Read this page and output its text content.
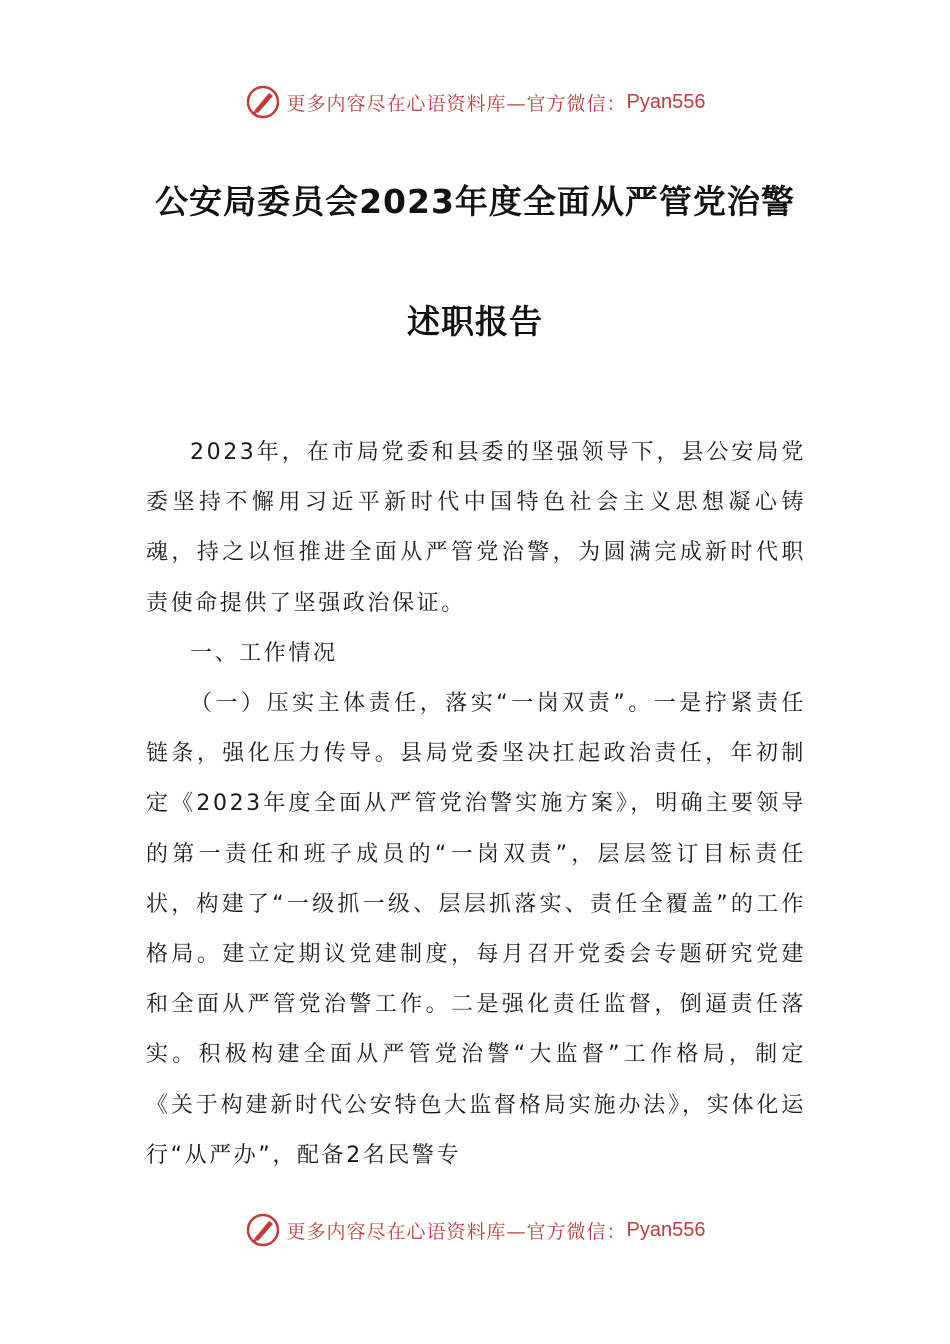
更多内容尽在心语资料库—官方微信： Pyan556
公安局委员会2023年度全面从严管党治警
述职报告

2023年，在市局党委和县委的坚强领导下，县公安局党委坚持不懈用习近平新时代中国特色社会主义思想凝心铸魂，持之以恒推进全面从严管党治警，为圆满完成新时代职责使命提供了坚强政治保证。

一、工作情况

（一）压实主体责任，落实“一岗双责”。一是拧紧责任链条，强化压力传导。县局党委坚决扛起政治责任，年初制定《2023年度全面从严管党治警实施方案》，明确主要领导的第一责任和班子成员的“一岗双责”，层层签订目标责任状，构建了“一级抓一级、层层抓落实、责任全覆盖”的工作格局。建立定期议党建制度，每月召开党委会专题研究党建和全面从严管党治警工作。二是强化责任监督，倒逼责任落实。积极构建全面从严管党治警“大监督”工作格局，制定《关于构建新时代公安特色大监督格局实施办法》，实体化运行“从严办”，配备2名民警专

更多内容尽在心语资料库—官方微信： Pyan556
